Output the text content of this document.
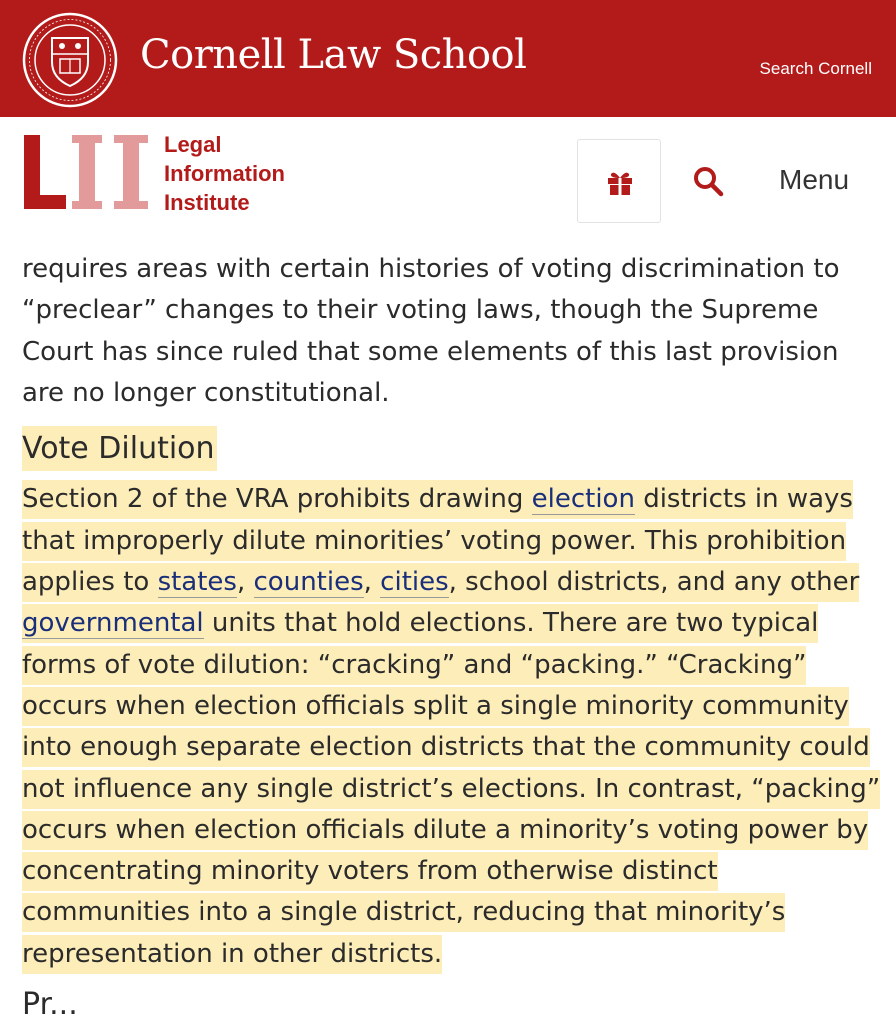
Cornell Law School	Search Cornell
Legal
Information
Institute
Menu

requires areas with certain histories of voting discrimination to “preclear” changes to their voting laws, though the Supreme Court has since ruled that some elements of this last provision are no longer constitutional.

Vote Dilution

Section 2 of the VRA prohibits drawing election districts in ways that improperly dilute minorities’ voting power. This prohibition applies to states, counties, cities, school districts, and any other governmental units that hold elections. There are two typical forms of vote dilution: “cracking” and “packing.” “Cracking” occurs when election officials split a single minority community into enough separate election districts that the community could not influence any single district’s elections. In contrast, “packing” occurs when election officials dilute a minority’s voting power by concentrating minority voters from otherwise distinct communities into a single district, reducing that minority’s representation in other districts.

Pr...
